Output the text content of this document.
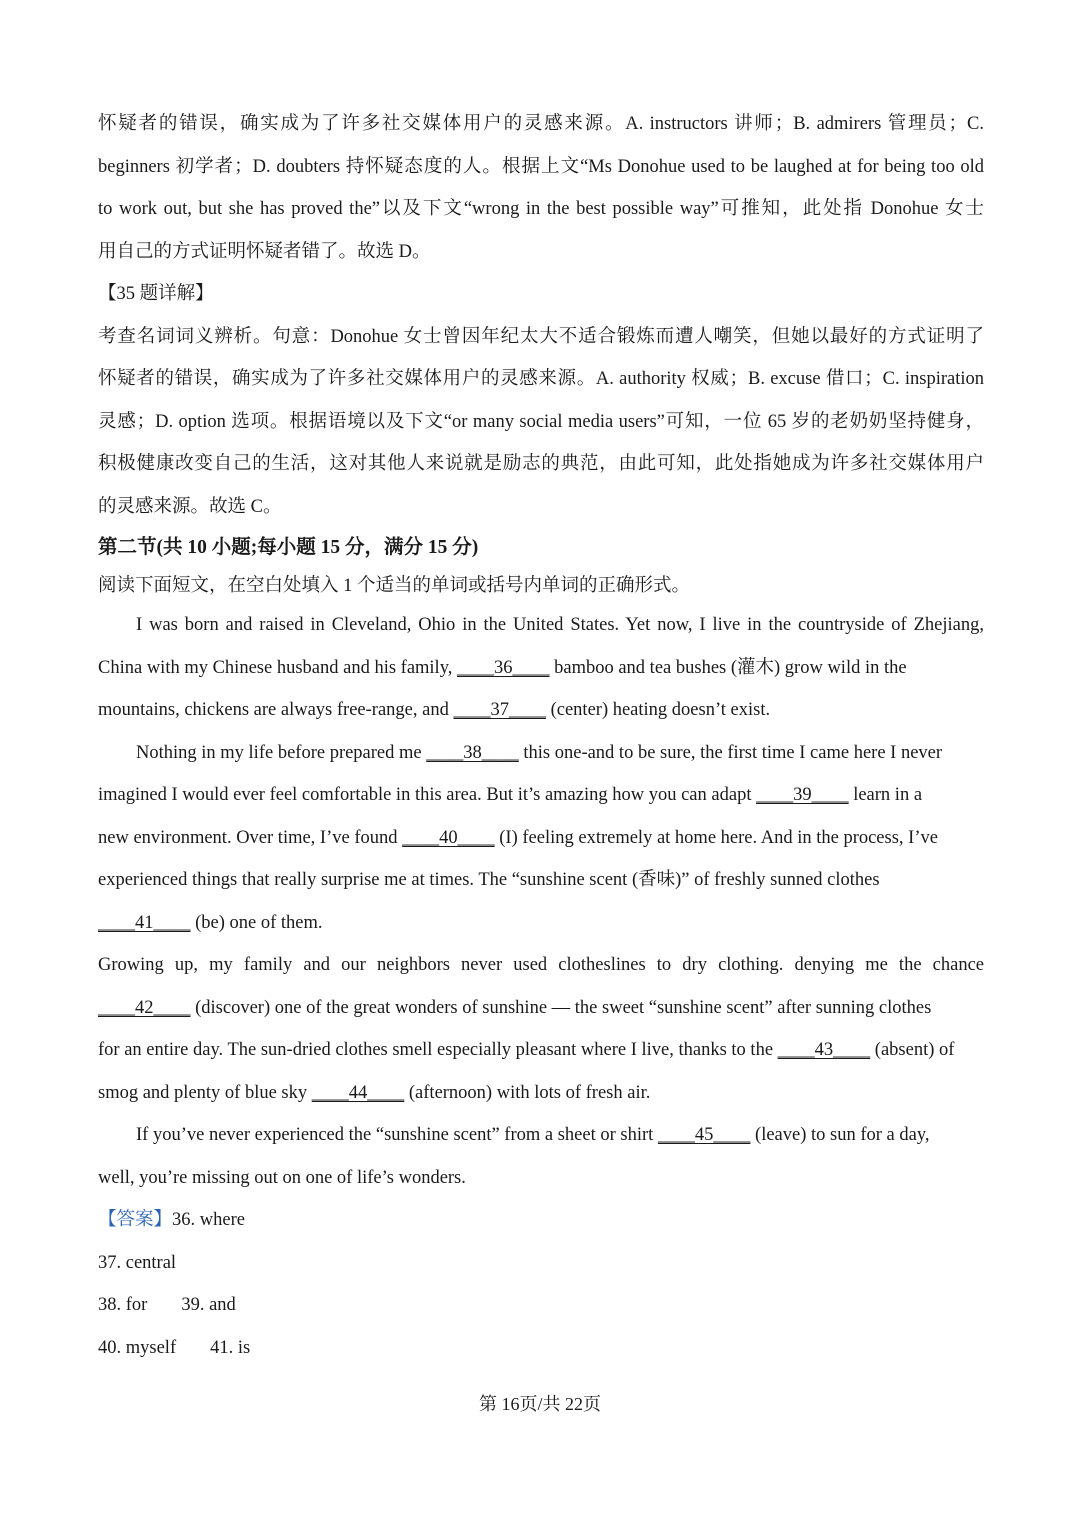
怀疑者的错误，确实成为了许多社交媒体用户的灵感来源。A. instructors 讲师；B. admirers 管理员；C.

beginners 初学者；D. doubters 持怀疑态度的人。根据上文“Ms Donohue used to be laughed at for being too old

to work out, but she has proved the”以及下文“wrong in the best possible way”可推知，此处指 Donohue 女士

用自己的方式证明怀疑者错了。故选 D。

【35 题详解】

考查名词词义辨析。句意：Donohue 女士曾因年纪太大不适合锻炼而遭人嘲笑，但她以最好的方式证明了

怀疑者的错误，确实成为了许多社交媒体用户的灵感来源。A. authority 权威；B. excuse 借口；C. inspiration

灵感；D. option 选项。根据语境以及下文“or many social media users”可知，一位 65 岁的老奶奶坚持健身，

积极健康改变自己的生活，这对其他人来说就是励志的典范，由此可知，此处指她成为许多社交媒体用户

的灵感来源。故选 C。

第二节(共 10 小题;每小题 15 分，满分 15 分)

阅读下面短文，在空白处填入 1 个适当的单词或括号内单词的正确形式。

I was born and raised in Cleveland, Ohio in the United States. Yet now, I live in the countryside of Zhejiang,

China with my Chinese husband and his family, ____36____ bamboo and tea bushes (灌木) grow wild in the

mountains, chickens are always free-range, and ____37____ (center) heating doesn’t exist.

Nothing in my life before prepared me ____38____ this one-and to be sure, the first time I came here I never

imagined I would ever feel comfortable in this area. But it’s amazing how you can adapt ____39____ learn in a

new environment. Over time, I’ve found ____40____ (I) feeling extremely at home here. And in the process, I’ve

experienced things that really surprise me at times. The “sunshine scent (香味)” of freshly sunned clothes

____41____ (be) one of them.

Growing up, my family and our neighbors never used clotheslines to dry clothing. denying me the chance

____42____ (discover) one of the great wonders of sunshine — the sweet “sunshine scent” after sunning clothes

for an entire day. The sun-dried clothes smell especially pleasant where I live, thanks to the ____43____ (absent) of

smog and plenty of blue sky ____44____ (afternoon) with lots of fresh air.

If you’ve never experienced the “sunshine scent” from a sheet or shirt ____45____ (leave) to sun for a day,

well, you’re missing out on one of life’s wonders.

【答案】36. where

37. central

38. for 39. and

40. myself 41. is

第 16页/共 22页
